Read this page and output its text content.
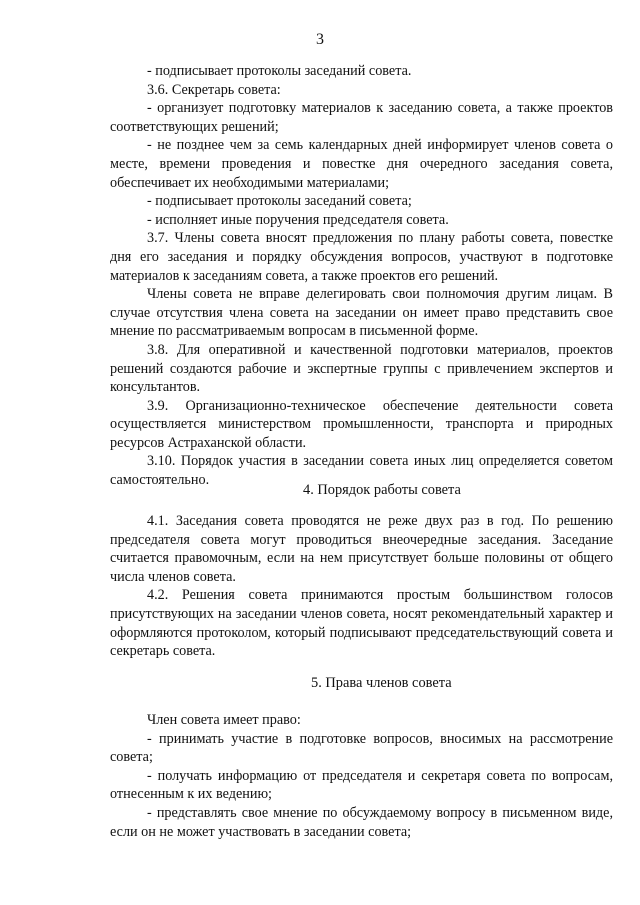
3

- подписывает протоколы заседаний совета.

3.6. Секретарь совета:

- организует подготовку материалов к заседанию совета, а также проектов соответствующих решений;

- не позднее чем за семь календарных дней информирует членов совета о месте, времени проведения и повестке дня очередного заседания совета, обеспечивает их необходимыми материалами;

- подписывает протоколы заседаний совета;

- исполняет иные поручения председателя совета.

3.7. Члены совета вносят предложения по плану работы совета, повестке дня его заседания и порядку обсуждения вопросов, участвуют в подготовке материалов к заседаниям совета, а также проектов его решений.

Члены совета не вправе делегировать свои полномочия другим лицам. В случае отсутствия члена совета на заседании он имеет право представить свое мнение по рассматриваемым вопросам в письменной форме.

3.8. Для оперативной и качественной подготовки материалов, проектов решений создаются рабочие и экспертные группы с привлечением экспертов и консультантов.

3.9. Организационно-техническое обеспечение деятельности совета осуществляется министерством промышленности, транспорта и природных ресурсов Астраханской области.

3.10. Порядок участия в заседании совета иных лиц определяется советом самостоятельно.

4. Порядок работы совета

4.1. Заседания совета проводятся не реже двух раз в год. По решению председателя совета могут проводиться внеочередные заседания. Заседание считается правомочным, если на нем присутствует больше половины от общего числа членов совета.

4.2. Решения совета принимаются простым большинством голосов присутствующих на заседании членов совета, носят рекомендательный характер и оформляются протоколом, который подписывают председательствующий совета и секретарь совета.

5. Права членов совета

Член совета имеет право:

- принимать участие в подготовке вопросов, вносимых на рассмотрение совета;

- получать информацию от председателя и секретаря совета по вопросам, отнесенным к их ведению;

- представлять свое мнение по обсуждаемому вопросу в письменном виде, если он не может участвовать в заседании совета;
